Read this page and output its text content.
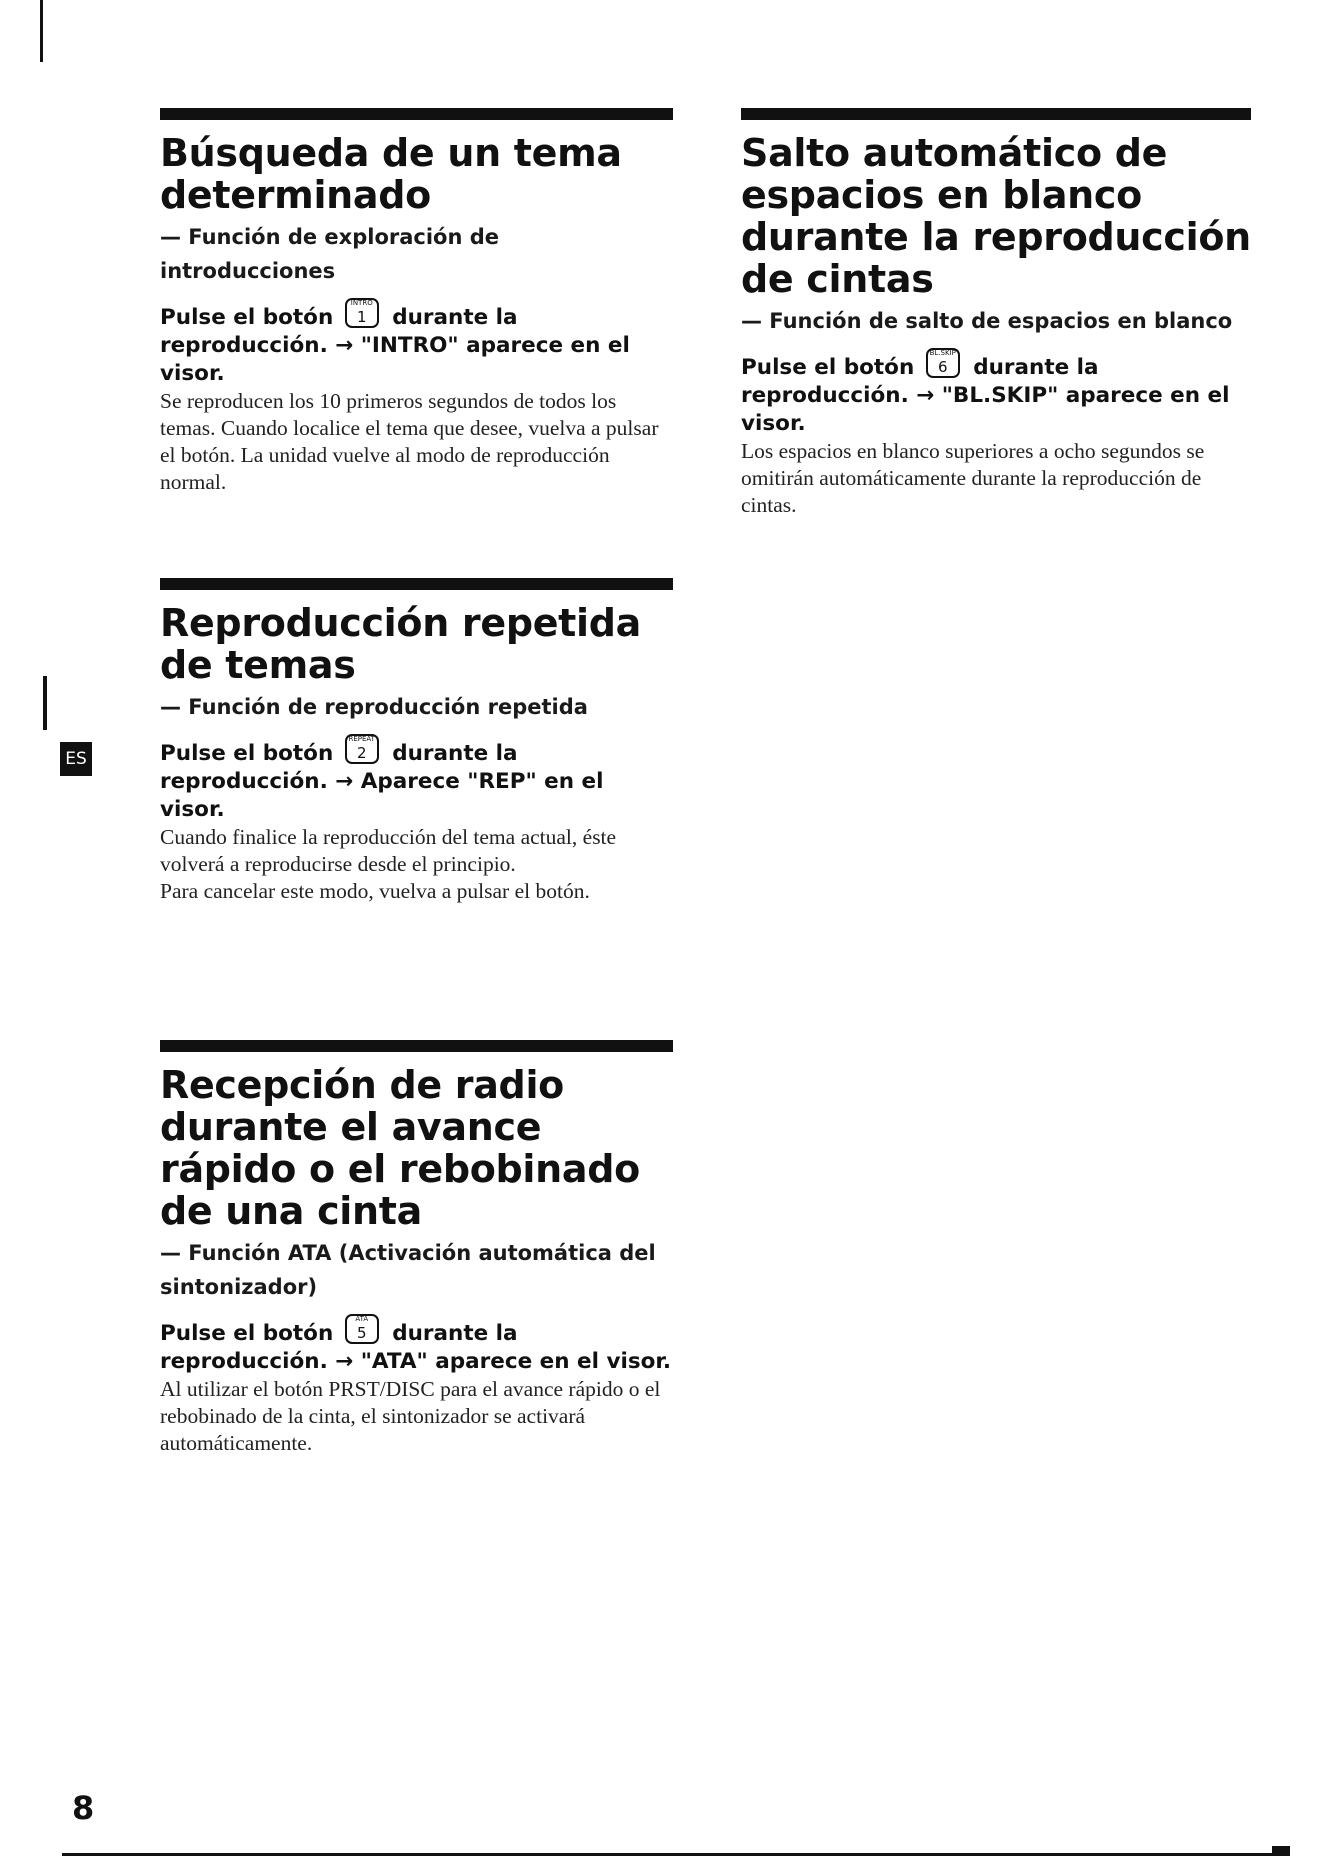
Búsqueda de un tema determinado
— Función de exploración de introducciones

Pulse el botón
INTRO
1 durante la reproducción. → "INTRO" aparece en el visor.

Se reproducen los 10 primeros segundos de todos los temas. Cuando localice el tema que desee, vuelva a pulsar el botón. La unidad vuelve al modo de reproducción normal.

Salto automático de espacios en blanco durante la reproducción de cintas
— Función de salto de espacios en blanco

Pulse el botón
BL.SKIP
6 durante la reproducción. → "BL.SKIP" aparece en el visor.

Los espacios en blanco superiores a ocho segundos se omitirán automáticamente durante la reproducción de cintas.

Reproducción repetida de temas
— Función de reproducción repetida

Pulse el botón
REPEAT
2 durante la reproducción. → Aparece "REP" en el visor.

Cuando finalice la reproducción del tema actual, éste volverá a reproducirse desde el principio.

Para cancelar este modo, vuelva a pulsar el botón.

Recepción de radio durante el avance rápido o el rebobinado de una cinta
— Función ATA (Activación automática del sintonizador)

Pulse el botón
ATA
5 durante la reproducción. → "ATA" aparece en el visor.

Al utilizar el botón PRST/DISC para el avance rápido o el rebobinado de la cinta, el sintonizador se activará automáticamente.

ES
8
